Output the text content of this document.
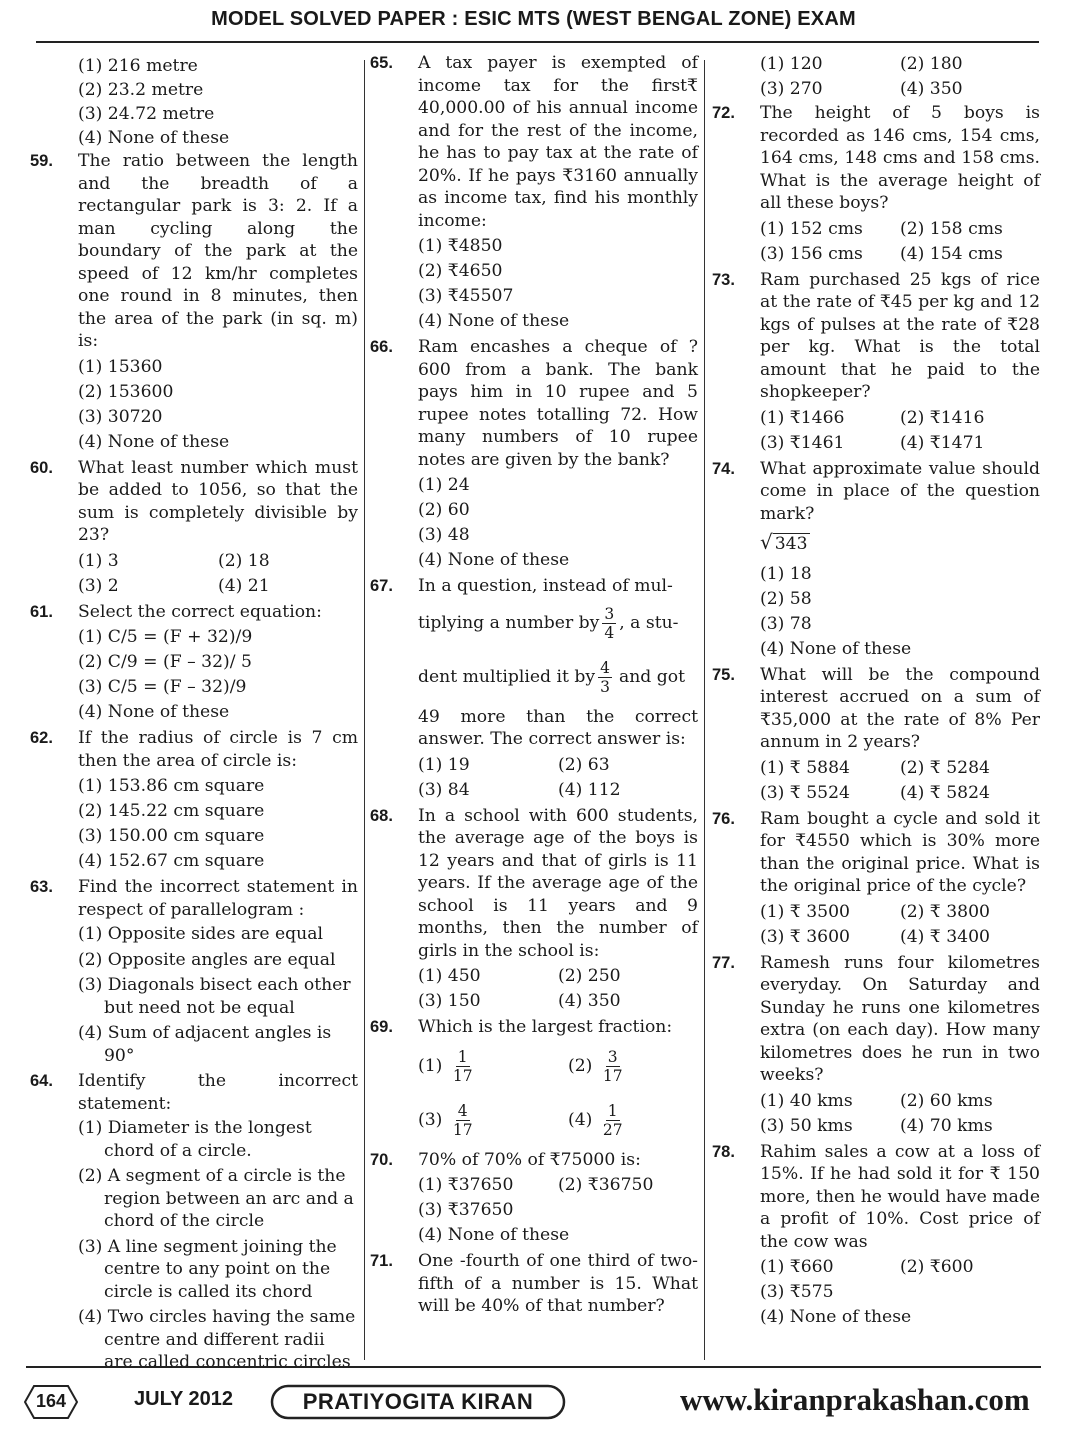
MODEL SOLVED PAPER : ESIC MTS (WEST BENGAL ZONE) EXAM
(1) 216 metre
(2) 23.2 metre
(3) 24.72 metre
(4) None of these
59. The ratio between the length and the breadth of a rectangular park is 3: 2. If a man cycling along the boundary of the park at the speed of 12 km/hr completes one round in 8 minutes, then the area of the park (in sq. m) is:
(1) 15360
(2) 153600
(3) 30720
(4) None of these
60. What least number which must be added to 1056, so that the sum is completely divisible by 23?
(1) 3	(2) 18
(3) 2	(4) 21
61. Select the correct equation:
(1) C/5 = (F + 32)/9
(2) C/9 = (F – 32)/ 5
(3) C/5 = (F – 32)/9
(4) None of these
62. If the radius of circle is 7 cm then the area of circle is:
(1) 153.86 cm square
(2) 145.22 cm square
(3) 150.00 cm square
(4) 152.67 cm square
63. Find the incorrect statement in respect of parallelogram :
(1) Opposite sides are equal
(2) Opposite angles are equal
(3) Diagonals bisect each other but need not be equal
(4) Sum of adjacent angles is 90°
64. Identify the incorrect statement:
(1) Diameter is the longest chord of a circle.
(2) A segment of a circle is the region between an arc and a chord of the circle
(3) A line segment joining the centre to any point on the circle is called its chord
(4) Two circles having the same centre and different radii are called concentric circles
65. A tax payer is exempted of income tax for the first₹ 40,000.00 of his annual income and for the rest of the income, he has to pay tax at the rate of 20%. If he pays ₹3160 annually as income tax, find his monthly income:
(1) ₹4850
(2) ₹4650
(3) ₹45507
(4) None of these
66. Ram encashes a cheque of ? 600 from a bank. The bank pays him in 10 rupee and 5 rupee notes totalling 72. How many numbers of 10 rupee notes are given by the bank?
(1) 24
(2) 60
(3) 48
(4) None of these
67. In a question, instead of mul-
tiplying a number by $\frac{3}{4}$ , a stu-
dent multiplied it by $\frac{4}{3}$ and got
49 more than the correct answer. The correct answer is:
(1) 19	(2) 63
(3) 84	(4) 112
68. In a school with 600 students, the average age of the boys is 12 years and that of girls is 11 years. If the average age of the school is 11 years and 9 months, then the number of girls in the school is:
(1) 450	(2) 250
(3) 150	(4) 350
69. Which is the largest fraction:
$(1) \frac{1}{17}$	$(2) \frac{3}{17}$
$(3) \frac{4}{17}$	$(4) \frac{1}{27}$
70. 70% of 70% of ₹75000 is:
(1) ₹37650	(2) ₹36750
(3) ₹37650
(4) None of these
71. One -fourth of one third of two-fifth of a number is 15. What will be 40% of that number?
(1) 120	(2) 180
(3) 270	(4) 350
72. The height of 5 boys is recorded as 146 cms, 154 cms, 164 cms, 148 cms and 158 cms. What is the average height of all these boys?
(1) 152 cms	(2) 158 cms
(3) 156 cms	(4) 154 cms
73. Ram purchased 25 kgs of rice at the rate of ₹45 per kg and 12 kgs of pulses at the rate of ₹28 per kg. What is the total amount that he paid to the shopkeeper?
(1) ₹1466	(2) ₹1416
(3) ₹1461	(4) ₹1471
74. What approximate value should come in place of the question mark?
√ 343
(1) 18
(2) 58
(3) 78
(4) None of these
75. What will be the compound interest accrued on a sum of ₹35,000 at the rate of 8% Per annum in 2 years?
(1) ₹ 5884	(2) ₹ 5284
(3) ₹ 5524	(4) ₹ 5824
76. Ram bought a cycle and sold it for ₹4550 which is 30% more than the original price. What is the original price of the cycle?
(1) ₹ 3500	(2) ₹ 3800
(3) ₹ 3600	(4) ₹ 3400
77. Ramesh runs four kilometres everyday. On Saturday and Sunday he runs one kilometres extra (on each day). How many kilometres does he run in two weeks?
(1) 40 kms	(2) 60 kms
(3) 50 kms	(4) 70 kms
78. Rahim sales a cow at a loss of 15%. If he had sold it for ₹ 150 more, then he would have made a profit of 10%. Cost price of the cow was
(1) ₹660	(2) ₹600
(3) ₹575
(4) None of these
164	JULY 2012	PRATIYOGITA KIRAN	www.kiranprakashan.com
